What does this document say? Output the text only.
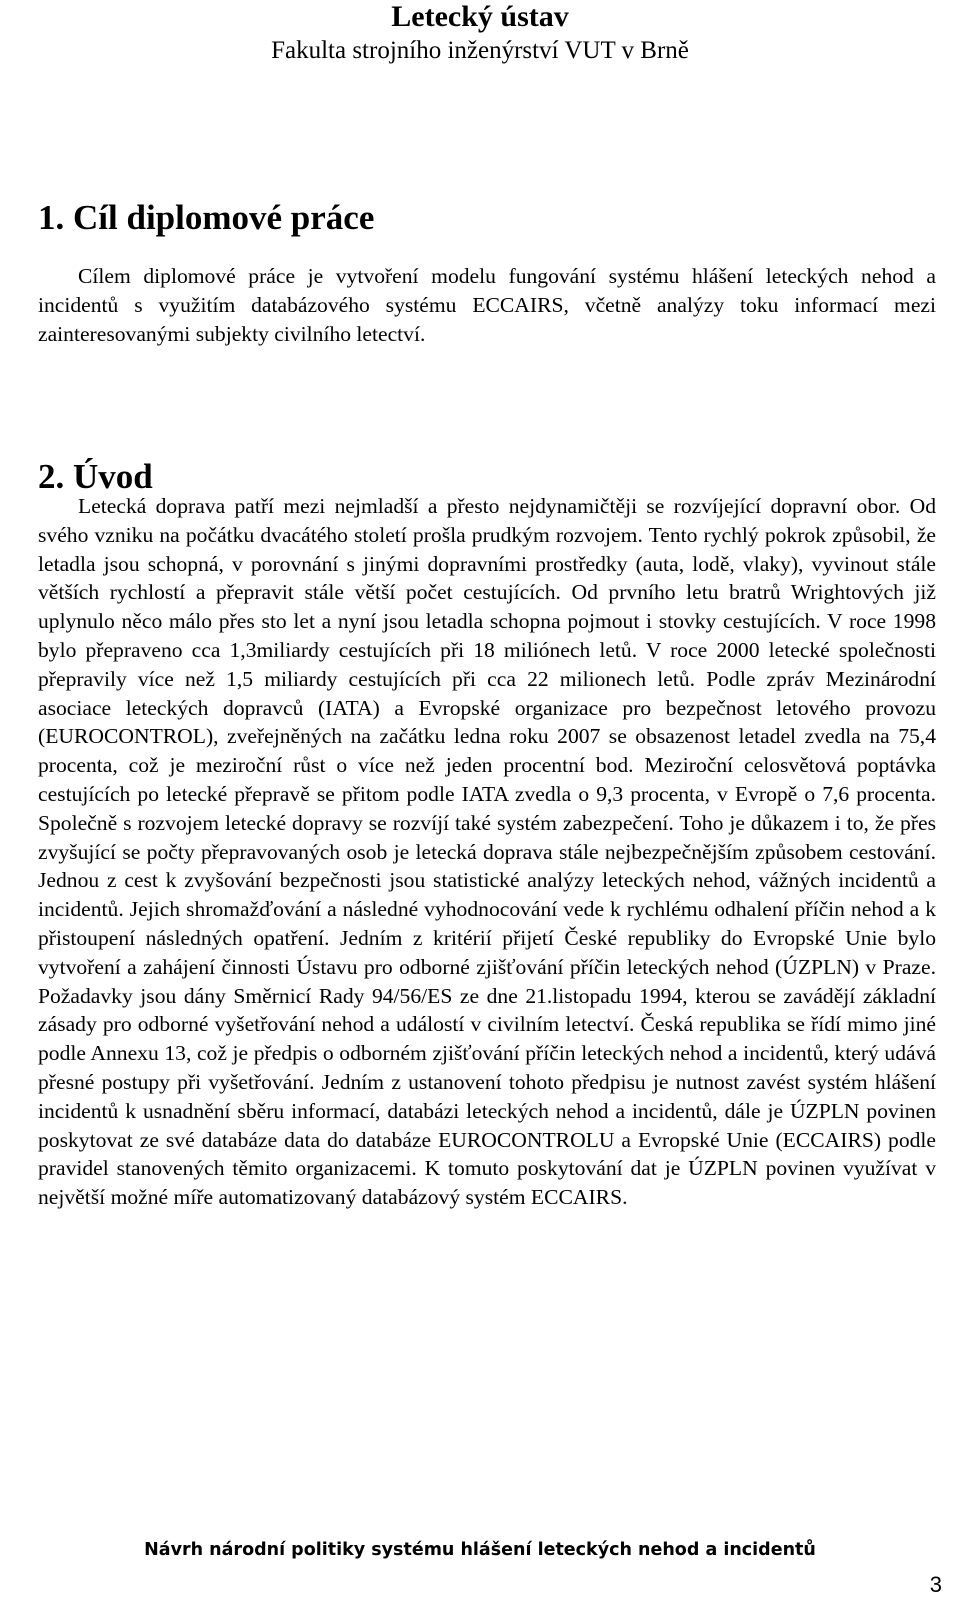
Letecký ústav
Fakulta strojního inženýrství VUT v Brně
1. Cíl diplomové práce

Cílem diplomové práce je vytvoření modelu fungování systému hlášení leteckých nehod a incidentů s využitím databázového systému ECCAIRS, včetně analýzy toku informací mezi zainteresovanými subjekty civilního letectví.

2. Úvod

Letecká doprava patří mezi nejmladší a přesto nejdynamičtěji se rozvíjející dopravní obor. Od svého vzniku na počátku dvacátého století prošla prudkým rozvojem. Tento rychlý pokrok způsobil, že letadla jsou schopná, v porovnání s jinými dopravními prostředky (auta, lodě, vlaky), vyvinout stále větších rychlostí a přepravit stále větší počet cestujících. Od prvního letu bratrů Wrightových již uplynulo něco málo přes sto let a nyní jsou letadla schopna pojmout i stovky cestujících. V roce 1998 bylo přepraveno cca 1,3miliardy cestujících při 18 miliónech letů. V roce 2000 letecké společnosti přepravily více než 1,5 miliardy cestujících při cca 22 milionech letů. Podle zpráv Mezinárodní asociace leteckých dopravců (IATA) a Evropské organizace pro bezpečnost letového provozu (EUROCONTROL), zveřejněných na začátku ledna roku 2007 se obsazenost letadel zvedla na 75,4 procenta, což je meziroční růst o více než jeden procentní bod. Meziroční celosvětová poptávka cestujících po letecké přepravě se přitom podle IATA zvedla o 9,3 procenta, v Evropě o 7,6 procenta. Společně s rozvojem letecké dopravy se rozvíjí také systém zabezpečení. Toho je důkazem i to, že přes zvyšující se počty přepravovaných osob je letecká doprava stále nejbezpečnějším způsobem cestování. Jednou z cest k zvyšování bezpečnosti jsou statistické analýzy leteckých nehod, vážných incidentů a incidentů. Jejich shromažďování a následné vyhodnocování vede k rychlému odhalení příčin nehod a k přistoupení následných opatření. Jedním z kritérií přijetí České republiky do Evropské Unie bylo vytvoření a zahájení činnosti Ústavu pro odborné zjišťování příčin leteckých nehod (ÚZPLN) v Praze. Požadavky jsou dány Směrnicí Rady 94/56/ES ze dne 21.listopadu 1994, kterou se zavádějí základní zásady pro odborné vyšetřování nehod a událostí v civilním letectví. Česká republika se řídí mimo jiné podle Annexu 13, což je předpis o odborném zjišťování příčin leteckých nehod a incidentů, který udává přesné postupy při vyšetřování. Jedním z ustanovení tohoto předpisu je nutnost zavést systém hlášení incidentů k usnadnění sběru informací, databázi leteckých nehod a incidentů, dále je ÚZPLN povinen poskytovat ze své databáze data do databáze EUROCONTROLU a Evropské Unie (ECCAIRS) podle pravidel stanovených těmito organizacemi. K tomuto poskytování dat je ÚZPLN povinen využívat v největší možné míře automatizovaný databázový systém ECCAIRS.

Návrh národní politiky systému hlášení leteckých nehod a incidentů
3
